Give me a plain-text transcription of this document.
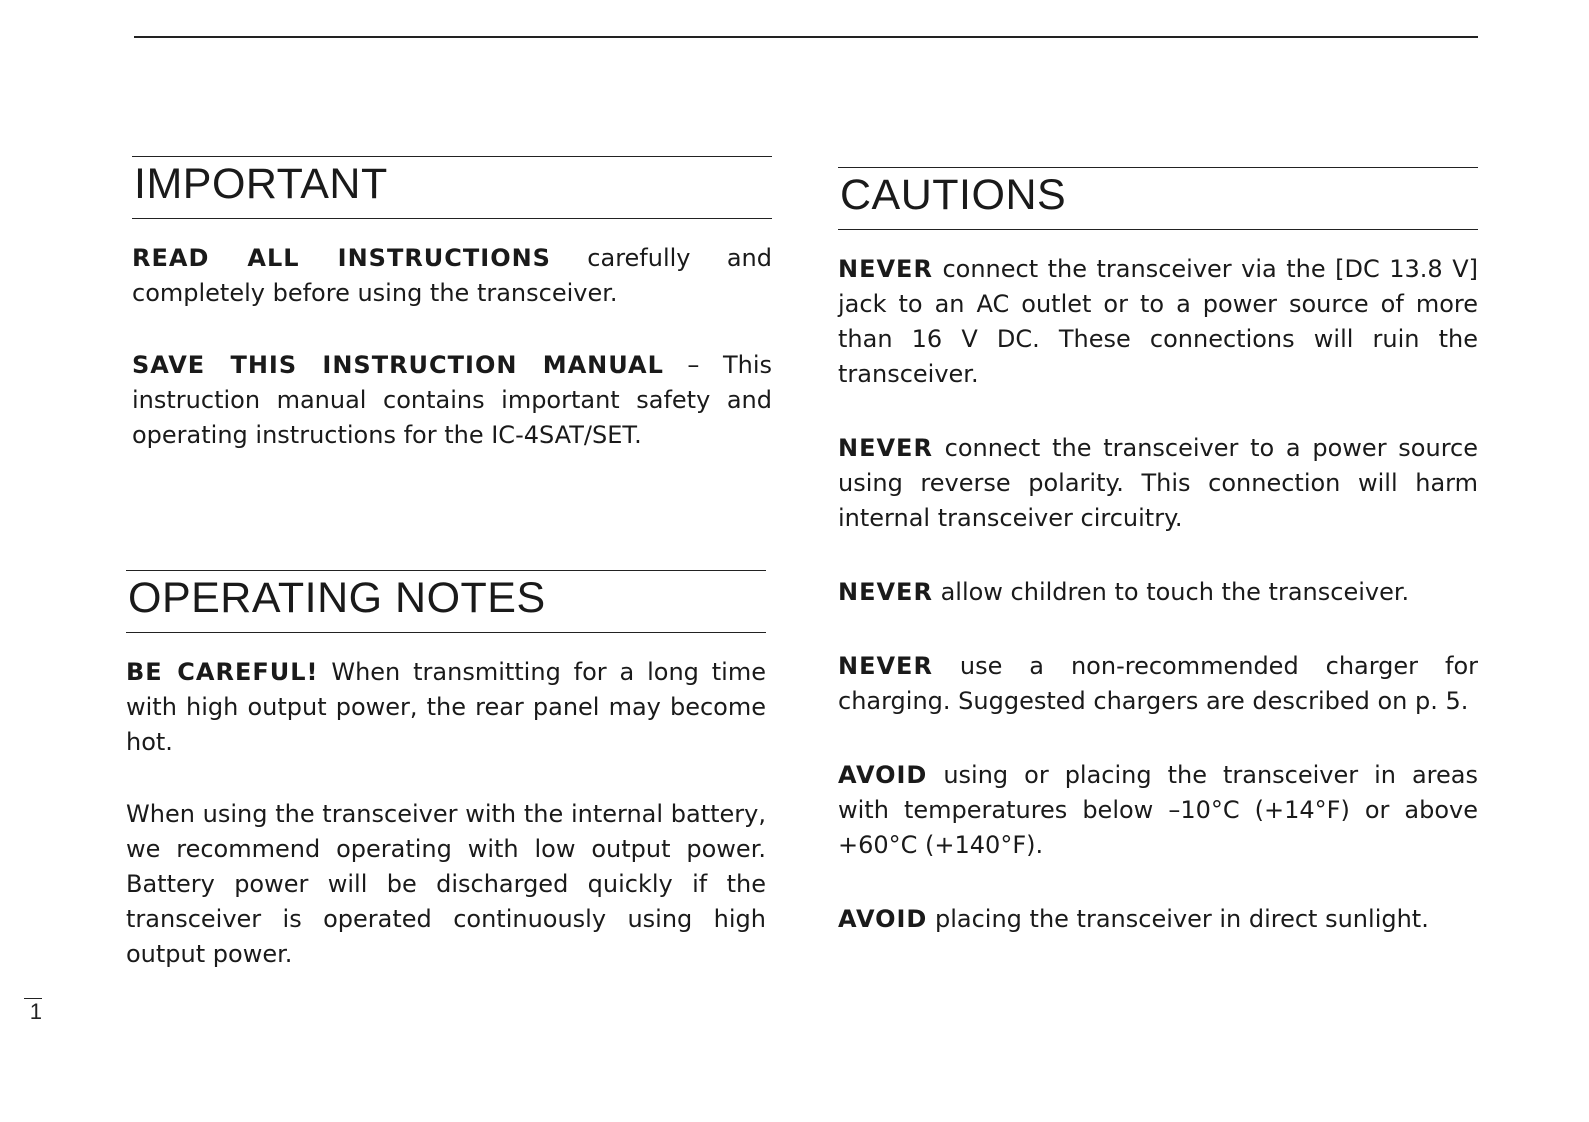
IMPORTANT

READ ALL INSTRUCTIONS carefully and completely before using the transceiver.

SAVE THIS INSTRUCTION MANUAL – This instruction manual contains important safety and operating instructions for the IC-4SAT/SET.

OPERATING NOTES

BE CAREFUL! When transmitting for a long time with high output power, the rear panel may become hot.

When using the transceiver with the internal battery, we recommend operating with low output power. Battery power will be discharged quickly if the transceiver is operated continuously using high output power.

CAUTIONS

NEVER connect the transceiver via the [DC 13.8 V] jack to an AC outlet or to a power source of more than 16 V DC. These connections will ruin the transceiver.

NEVER connect the transceiver to a power source using reverse polarity. This connection will harm internal transceiver circuitry.

NEVER allow children to touch the transceiver.

NEVER use a non-recommended charger for charging. Suggested chargers are described on p. 5.

AVOID using or placing the transceiver in areas with temperatures below –10°C (+14°F) or above +60°C (+140°F).

AVOID placing the transceiver in direct sunlight.

1
